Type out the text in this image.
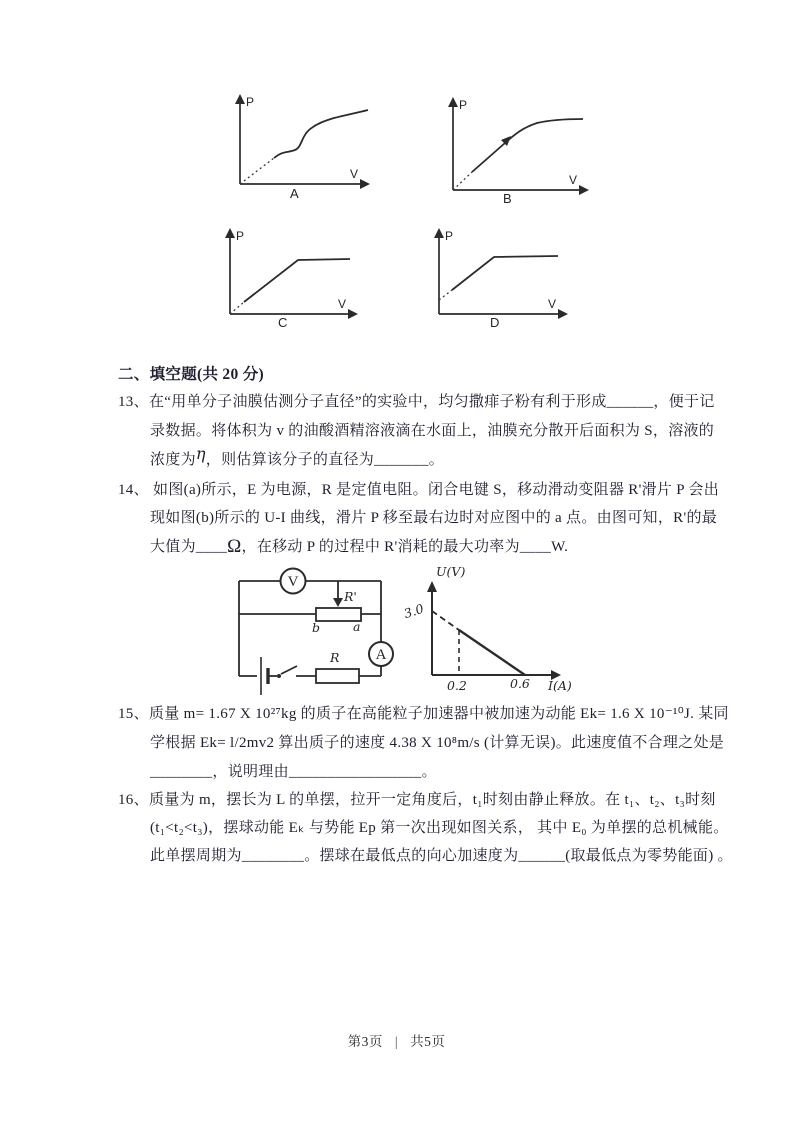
P
V
A
P
V
B
P
V
C
P
V
D
二、填空题(共 20 分)
13、在“用单分子油膜估测分子直径”的实验中，均匀撒痱子粉有利于形成______，便于记
录数据。将体积为 v 的油酸酒精溶液滴在水面上，油膜充分散开后面积为 S，溶液的
浓度为η，则估算该分子的直径为_______。
14、 如图(a)所示，E 为电源，R 是定值电阻。闭合电键 S，移动滑动变阻器 R'滑片 P 会出
现如图(b)所示的 U-I 曲线，滑片 P 移至最右边时对应图中的 a 点。由图可知，R'的最
大值为____Ω，在移动 P 的过程中 R'消耗的最大功率为____W.
R
R'
b	a
V
A
U(V)
I(A)
3.0
0.2	0.6
15、质量 m= 1.67 X 10²⁷kg 的质子在高能粒子加速器中被加速为动能 Ek= 1.6 X 10⁻¹⁰J. 某同
学根据 Ek= l/2mv2 算出质子的速度 4.38 X 10⁸m/s (计算无误)。此速度值不合理之处是
________，说明理由_________________。
16、质量为 m，摆长为 L 的单摆，拉开一定角度后，t₁时刻由静止释放。在 t₁、t₂、t₃时刻
(t₁<t₂<t₃)，摆球动能 Eₖ 与势能 Ep 第一次出现如图关系， 其中 E₀ 为单摆的总机械能。
此单摆周期为________。摆球在最低点的向心加速度为______(取最低点为零势能面) 。
第3页 | 共5页
